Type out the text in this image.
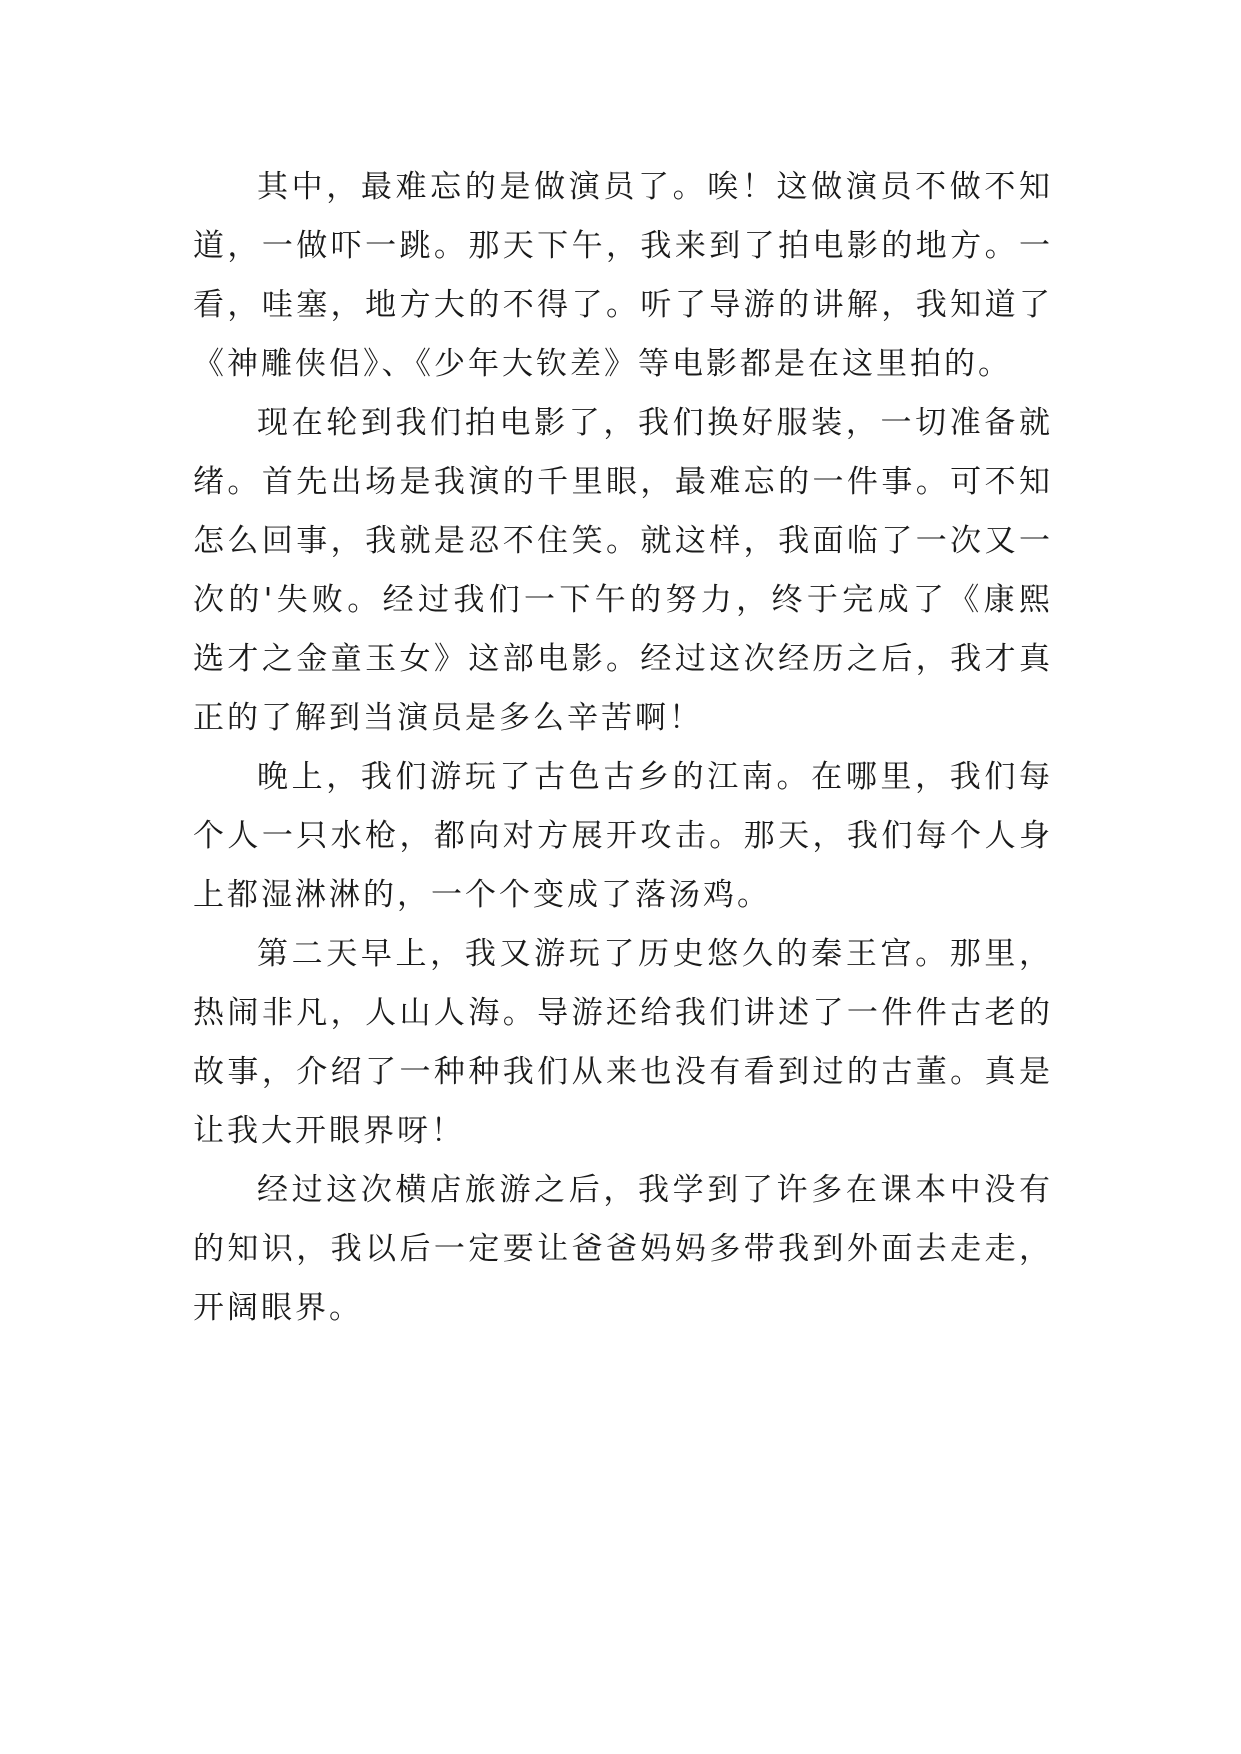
其中，最难忘的是做演员了。唉！这做演员不做不知道，一做吓一跳。那天下午，我来到了拍电影的地方。一看，哇塞，地方大的不得了。听了导游的讲解，我知道了《神雕侠侣》、《少年大钦差》等电影都是在这里拍的。

现在轮到我们拍电影了，我们换好服装，一切准备就绪。首先出场是我演的千里眼，最难忘的一件事。可不知怎么回事，我就是忍不住笑。就这样，我面临了一次又一次的'失败。经过我们一下午的努力，终于完成了《康熙选才之金童玉女》这部电影。经过这次经历之后，我才真正的了解到当演员是多么辛苦啊！

晚上，我们游玩了古色古乡的江南。在哪里，我们每个人一只水枪，都向对方展开攻击。那天，我们每个人身上都湿淋淋的，一个个变成了落汤鸡。

第二天早上，我又游玩了历史悠久的秦王宫。那里，热闹非凡，人山人海。导游还给我们讲述了一件件古老的故事，介绍了一种种我们从来也没有看到过的古董。真是让我大开眼界呀！

经过这次横店旅游之后，我学到了许多在课本中没有的知识，我以后一定要让爸爸妈妈多带我到外面去走走，开阔眼界。
